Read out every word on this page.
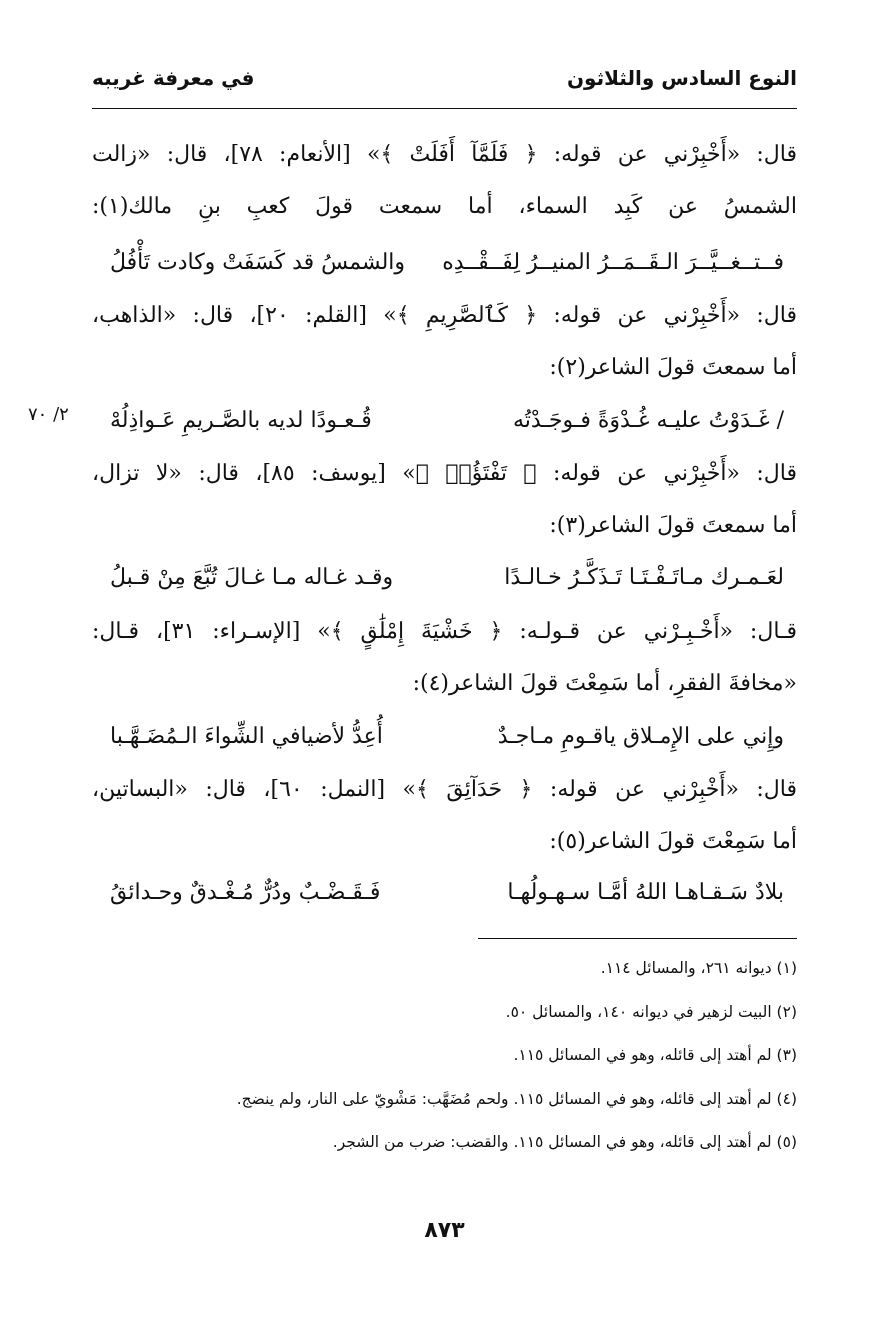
النوع السادس والثلاثون
في معرفة غريبه
٢/ ٧٠
قال: «أَخْبِرْني عن قوله: ﴿ فَلَمَّآ أَفَلَتْ ﴾» [الأنعام: ٧٨]، قال: «زالت
الشمسُ عن كَبِد السماء، أما سمعت قولَ كعبِ بنِ مالك(١):
فــتــغــيَّــرَ الـقَــمَــرُ المنيــرُ لِفَــقْــدِه
والشمسُ قد كَسَفَتْ وكادت تَأْفُلُ
قال: «أَخْبِرْني عن قوله: ﴿ كَٱلصَّرِيمِ ﴾» [القلم: ٢٠]، قال: «الذاهب،
أما سمعتَ قولَ الشاعر(٢):
/ غَـدَوْتُ عليـه غُـدْوَةً فـوجَـدْتُه
قُـعـودًا لديه بالصَّـريمِ عَـواذِلُهْ
قال: «أَخْبِرْني عن قوله: ﴿ تَفْتَؤُا۟ ﴾» [يوسف: ٨٥]، قال: «لا تزال،
أما سمعتَ قولَ الشاعر(٣):
لعَـمـرك مـاتَـفْـتَـا تَـذَكَّـرُ خـالـدًا
وقـد غـاله مـا غـالَ تُبَّعَ مِنْ قـبلُ
قـال: «أَخْـبِـرْني عن قـولـه: ﴿ خَشْيَةَ إِمْلَٰقٍ ﴾» [الإسـراء: ٣١]، قـال:
«مخافةَ الفقرِ، أما سَمِعْتَ قولَ الشاعر(٤):
وإِني على الإِمـلاق ياقـومِ مـاجـدٌ
أُعِدُّ لأضيافي الشِّواءَ الـمُضَـهَّـبا
قال: «أَخْبِرْني عن قوله: ﴿ حَدَآئِقَ ﴾» [النمل: ٦٠]، قال: «البساتين،
أما سَمِعْتَ قولَ الشاعر(٥):
بلادٌ سَـقـاهـا اللهُ أمَّـا سـهـولُهـا
فَـقَـضْـبٌ ودُرٌّ مُـغْـدقٌ وحـدائقُ
(١) ديوانه ٢٦١، والمسائل ١١٤.
(٢) البيت لزهير في ديوانه ١٤٠، والمسائل ٥٠.
(٣) لم أهتد إلى قائله، وهو في المسائل ١١٥.
(٤) لم أهتد إلى قائله، وهو في المسائل ١١٥. ولحم مُضَهَّب: مَشْويّ على النار، ولم ينضج.
(٥) لم أهتد إلى قائله، وهو في المسائل ١١٥. والقضب: ضرب من الشجر.
٨٧٣
